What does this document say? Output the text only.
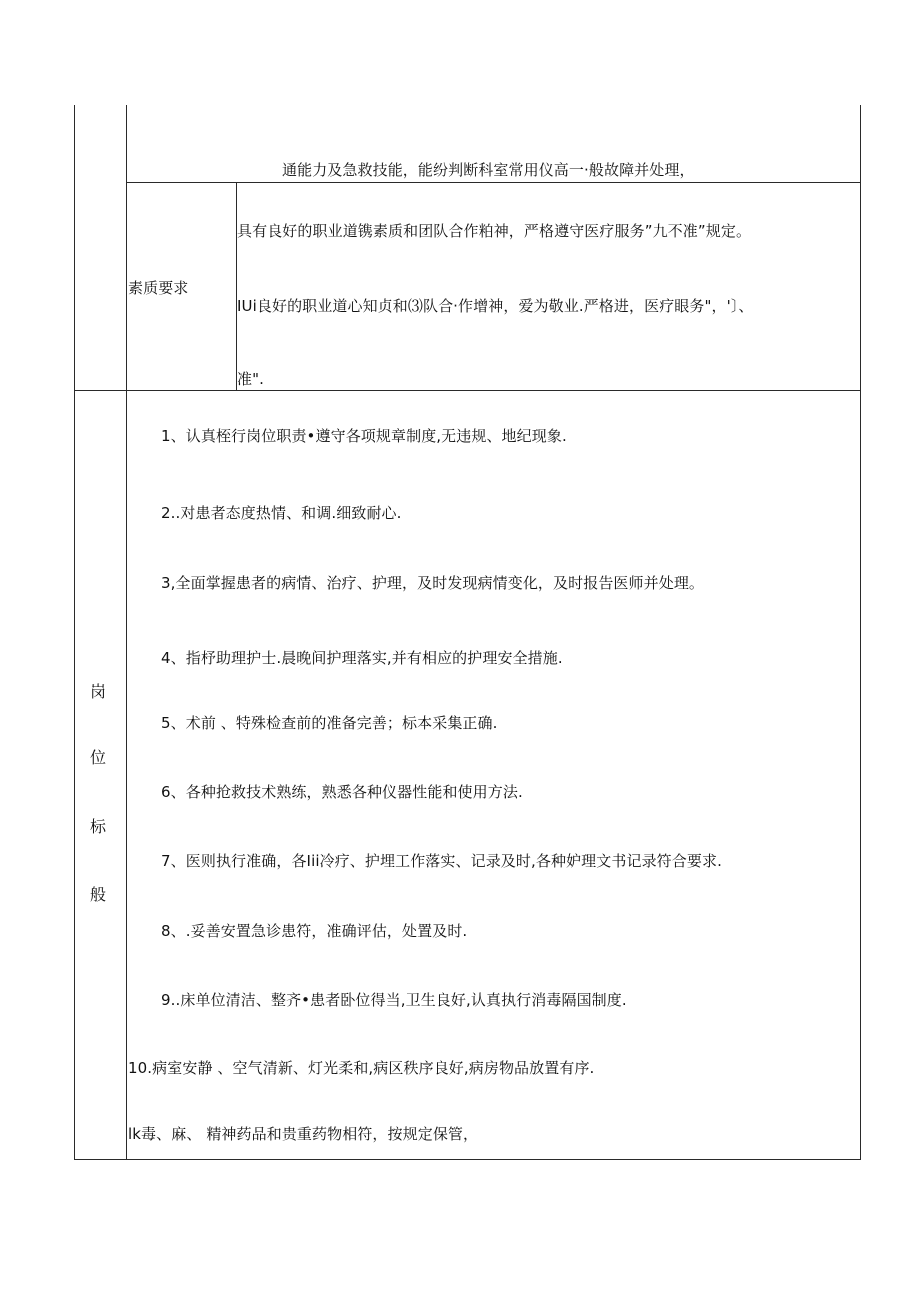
通能力及急救技能，能纷判断科室常用仪高一·般故障并处理，
素质要求
具有良好的职业道镌素质和团队合作粕神，严格遵守医疗服务”九不准”规定。
IUi良好的职业道心知贞和⑶队合·作增神，爱为敬业.严格进，医疗眼务"，'〕、
准".
岗
位
标
般
1、认真桎行岗位职责•遵守各项规章制度,无违规、地纪现象.
2..对患者态度热情、和调.细致耐心.
3,全面掌握患者的病情、治疗、护理，及时发现病情变化，及时报告医师并处理。
4、指杼助理护士.晨晚间护理落实,并有相应的护理安全措施.
5、术前 、特殊检查前的准备完善；标本采集正确.
6、各种抢救技术熟练，熟悉各种仪器性能和使用方法.
7、医则执行准确，各Iii冷疗、护埋工作落实、记录及时,各种妒理文书记录符合要求.
8、.妥善安置急诊患符，准确评估，处置及时.
9..床单位清洁、整齐•患者卧位得当,卫生良好,认真执行消毒隔国制度.
10.病室安静 、空气清新、灯光柔和,病区秩序良好,病房物品放置有序.
lk毒、麻、 精神药品和贵重药物相符，按规定保管，
